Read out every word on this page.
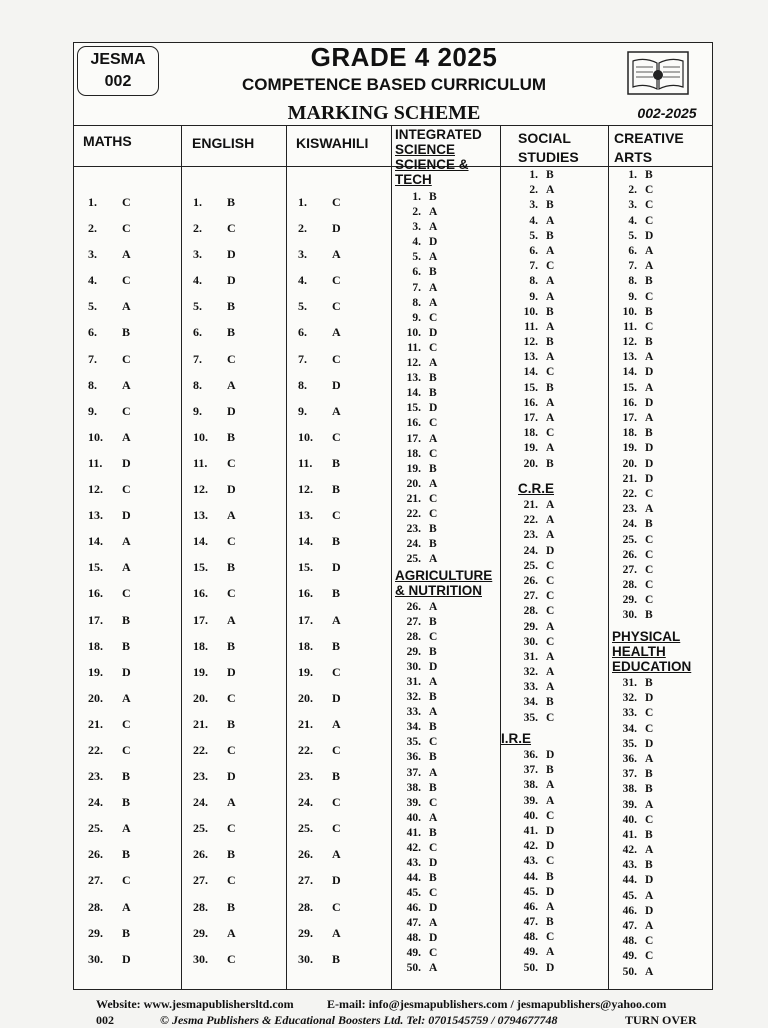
JESMA
002
GRADE 4 2025
COMPETENCE BASED CURRICULUM
MARKING SCHEME	002-2025
MATHS	ENGLISH	KISWAHILI
INTEGRATED
SCIENCE
SCIENCE &
TECH
SOCIAL
STUDIES
CREATIVE
ARTS
1.	C
2.	C
3.	A
4.	C
5.	A
6.	B
7.	C
8.	A
9.	C
10.	A
11.	D
12.	C
13.	D
14.	A
15.	A
16.	C
17.	B
18.	B
19.	D
20.	A
21.	C
22.	C
23.	B
24.	B
25.	A
26.	B
27.	C
28.	A
29.	B
30.	D
1.	B
2.	C
3.	D
4.	D
5.	B
6.	B
7.	C
8.	A
9.	D
10.	B
11.	C
12.	D
13.	A
14.	C
15.	B
16.	C
17.	A
18.	B
19.	D
20.	C
21.	B
22.	C
23.	D
24.	A
25.	C
26.	B
27.	C
28.	B
29.	A
30.	C
1.	C
2.	D
3.	A
4.	C
5.	C
6.	A
7.	C
8.	D
9.	A
10.	C
11.	B
12.	B
13.	C
14.	B
15.	D
16.	B
17.	A
18.	B
19.	C
20.	D
21.	A
22.	C
23.	B
24.	C
25.	C
26.	A
27.	D
28.	C
29.	A
30.	B
1. B
2. A
3. A
4. D
5. A
6. B
7. A
8. A
9. C
10. D
11. C
12. A
13. B
14. B
15. D
16. C
17. A
18. C
19. B
20. A
21. C
22. C
23. B
24. B
25. A
AGRICULTURE
& NUTRITION
26. A
27. B
28. C
29. B
30. D
31. A
32. B
33. A
34. B
35. C
36. B
37. A
38. B
39. C
40. A
41. B
42. C
43. D
44. B
45. C
46. D
47. A
48. D
49. C
50. A
1. B
2. A
3. B
4. A
5. B
6. A
7. C
8. A
9. A
10. B
11. A
12. B
13. A
14. C
15. B
16. A
17. A
18. C
19. A
20. B
C.R.E
21. A
22. A
23. A
24. D
25. C
26. C
27. C
28. C
29. A
30. C
31. A
32. A
33. A
34. B
35. C
I.R.E
36. D
37. B
38. A
39. A
40. C
41. D
42. D
43. C
44. B
45. D
46. A
47. B
48. C
49. A
50. D
1. B
2. C
3. C
4. C
5. D
6. A
7. A
8. B
9. C
10. B
11. C
12. B
13. A
14. D
15. A
16. D
17. A
18. B
19. D
20. D
21. D
22. C
23. A
24. B
25. C
26. C
27. C
28. C
29. C
30. B
PHYSICAL
HEALTH
EDUCATION
31. B
32. D
33. C
34. C
35. D
36. A
37. B
38. B
39. A
40. C
41. B
42. A
43. B
44. D
45. A
46. D
47. A
48. C
49. C
50. A
Website: www.jesmapublishersltd.com	E-mail: info@jesmapublishers.com / jesmapublishers@yahoo.com
002	© Jesma Publishers & Educational Boosters Ltd. Tel: 0701545759 / 0794677748	TURN OVER
